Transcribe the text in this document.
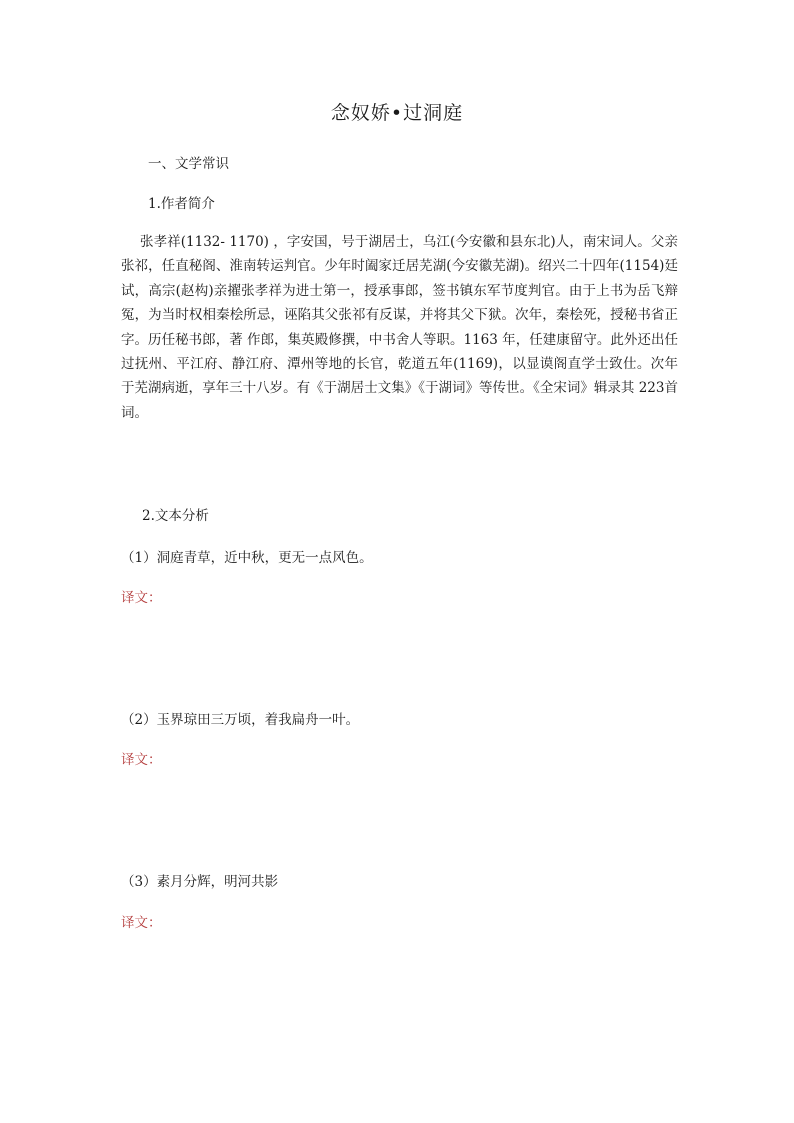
念奴娇•过洞庭
一、文学常识
1.作者简介

张孝祥(1132- 1170) ，字安国，号于湖居士，乌江(今安徽和县东北)人，南宋词人。父亲张祁，任直秘阁、淮南转运判官。少年时阖家迁居芜湖(今安徽芜湖)。绍兴二十四年(1154)廷试，高宗(赵构)亲擢张孝祥为进士第一，授承事郎，签书镇东军节度判官。由于上书为岳飞辩冤，为当时权相秦桧所忌，诬陷其父张祁有反谋，并将其父下狱。次年，秦桧死，授秘书省正字。历任秘书郎，著 作郎，集英殿修撰，中书舍人等职。1163 年，任建康留守。此外还出任过抚州、平江府、静江府、潭州等地的长官，乾道五年(1169)，以显谟阁直学士致仕。次年于芜湖病逝，享年三十八岁。有《于湖居士文集》《于湖词》等传世。《全宋词》辑录其 223首词。

2.文本分析
（1）洞庭青草，近中秋，更无一点风色。
译文：
（2）玉界琼田三万顷，着我扁舟一叶。
译文：
（3）素月分辉，明河共影
译文：
